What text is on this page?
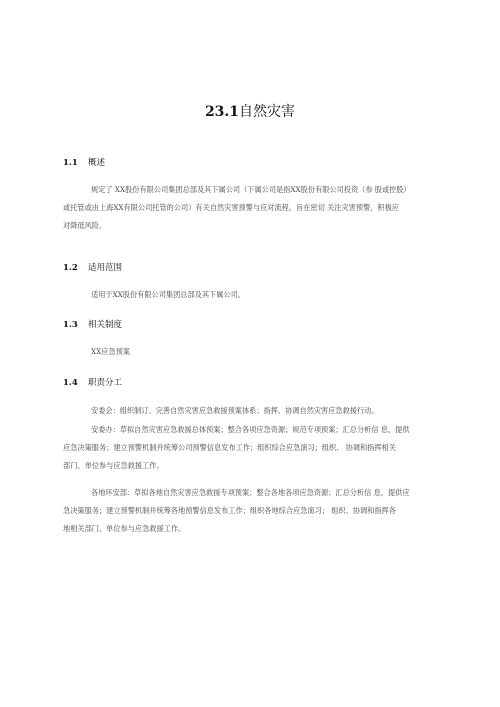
23.1自然灾害
1.1 概述
规定了 XX股份有限公司集团总部及其下属公司（下属公司是指XX股份有限公司投资（参 股或控股）
或托管或由上海XX有限公司托管的公司）有关自然灾害预警与应对流程。旨在密切 关注灾害预警，积极应
对降低风险。
1.2 适用范围
适用于XX股份有限公司集团总部及其下属公司。
1.3 相关制度
XX应急预案
1.4 职责分工
安委会：组织制订、完善自然灾害应急救援预案体系；指挥、协调自然灾害应急救援行动。
安委办：草拟自然灾害应急救援总体预案；整合各项应急资源；规范专项预案；汇总分析信 息，提供
应急决策服务；建立预警机制并统筹公司预警信息发布工作；组织综合应急演习；组织、 协调和指挥相关
部门、单位参与应急救援工作。
各地环安部：草拟各地自然灾害应急救援专项预案；整合各地各项应急资源；汇总分析信 息，提供应
急决策服务；建立预警机制并统筹各地预警信息发布工作；组织各地综合应急演习； 组织、协调和指挥各
地相关部门、单位参与应急救援工作。
